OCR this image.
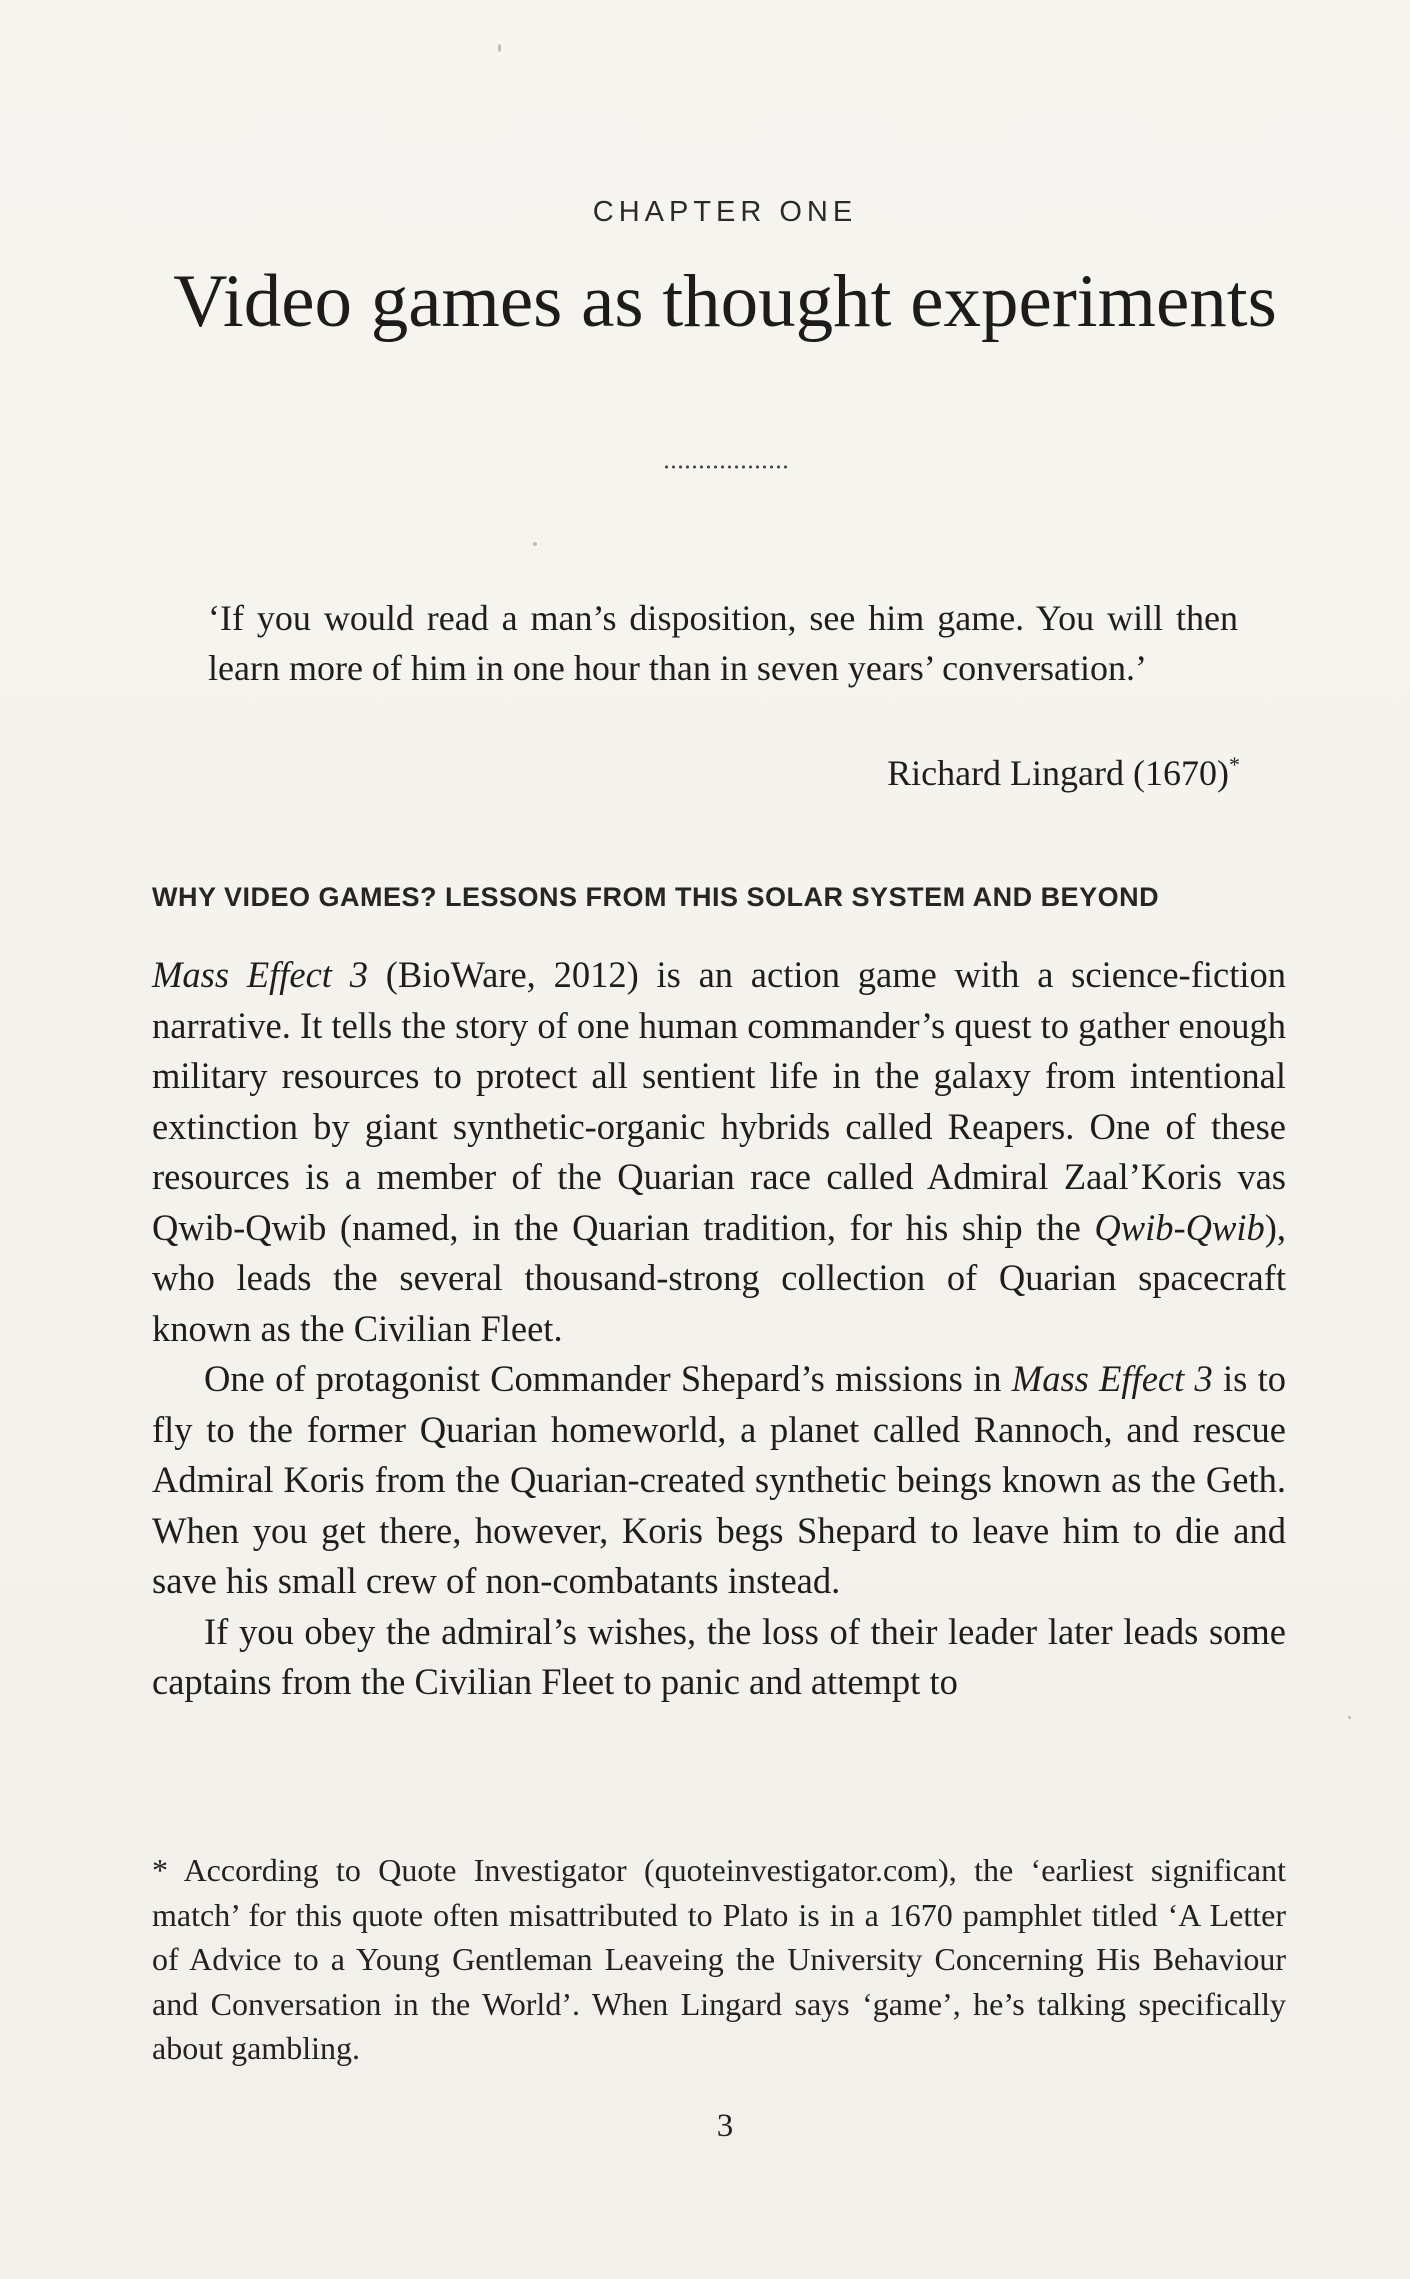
CHAPTER ONE
Video games as thought experiments

‘If you would read a man’s disposition, see him game. You will then learn more of him in one hour than in seven years’ conversation.’

Richard Lingard (1670)*

WHY VIDEO GAMES? LESSONS FROM THIS SOLAR SYSTEM AND BEYOND

Mass Effect 3 (BioWare, 2012) is an action game with a science-fiction narrative. It tells the story of one human commander’s quest to gather enough military resources to protect all sentient life in the galaxy from intentional extinction by giant synthetic-organic hybrids called Reapers. One of these resources is a member of the Quarian race called Admiral Zaal’Koris vas Qwib-Qwib (named, in the Quarian tradition, for his ship the Qwib-Qwib), who leads the several thousand-strong collection of Quarian spacecraft known as the Civilian Fleet.

One of protagonist Commander Shepard’s missions in Mass Effect 3 is to fly to the former Quarian homeworld, a planet called Rannoch, and rescue Admiral Koris from the Quarian-created synthetic beings known as the Geth. When you get there, however, Koris begs Shepard to leave him to die and save his small crew of non-combatants instead.

If you obey the admiral’s wishes, the loss of their leader later leads some captains from the Civilian Fleet to panic and attempt to

* According to Quote Investigator (quoteinvestigator.com), the ‘earliest significant match’ for this quote often misattributed to Plato is in a 1670 pamphlet titled ‘A Letter of Advice to a Young Gentleman Leaveing the University Concerning His Behaviour and Conversation in the World’. When Lingard says ‘game’, he’s talking specifically about gambling.

3
